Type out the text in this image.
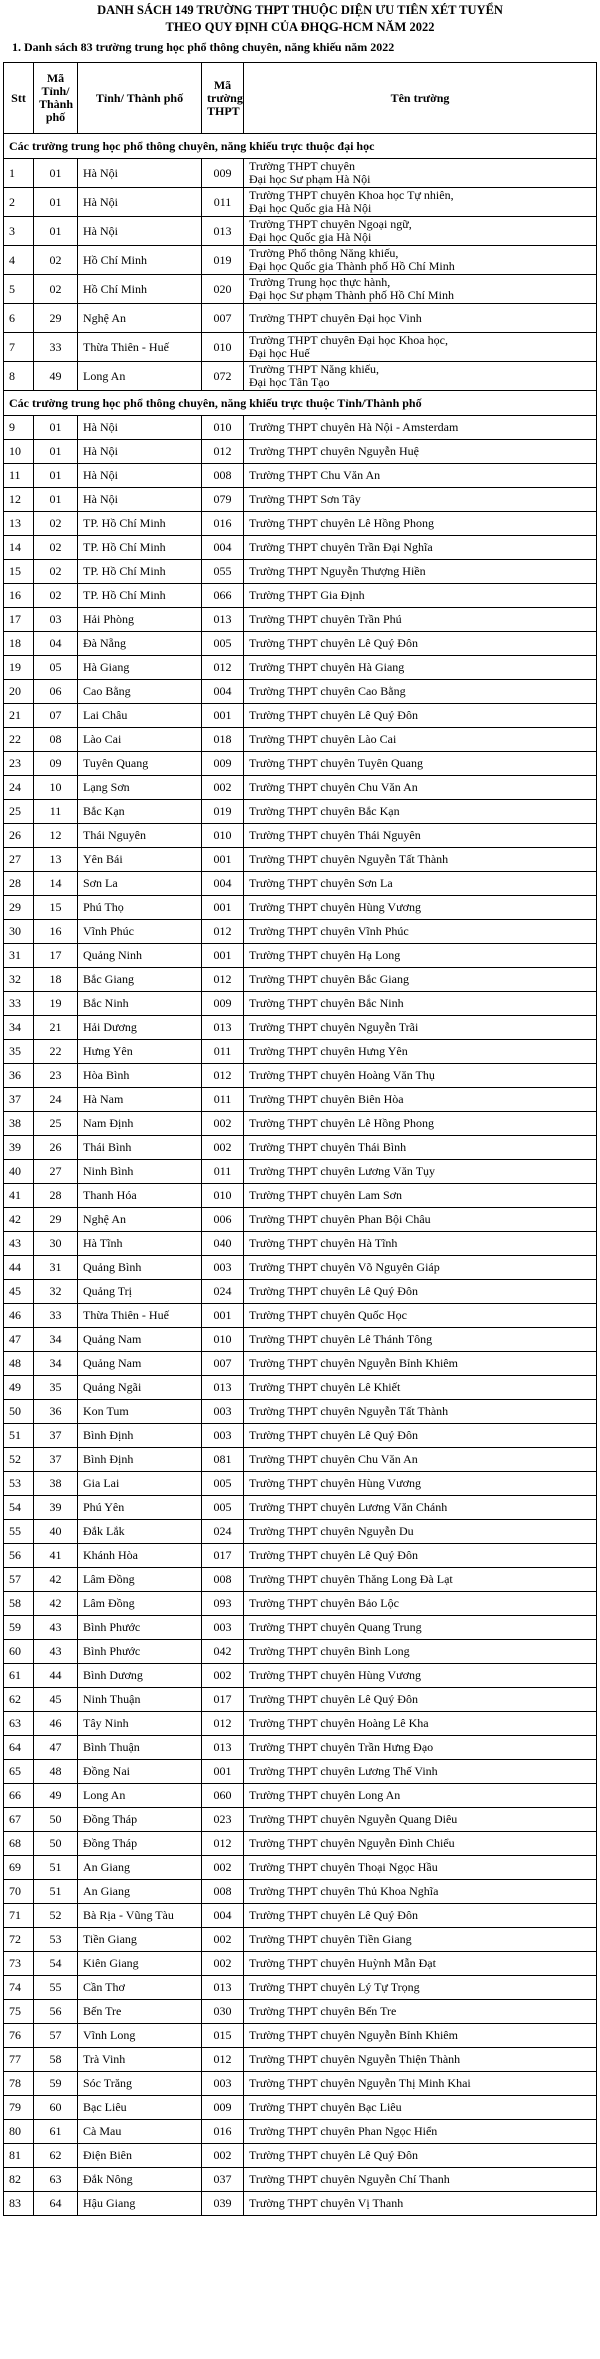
DANH SÁCH 149 TRƯỜNG THPT THUỘC DIỆN ƯU TIÊN XÉT TUYỂN
THEO QUY ĐỊNH CỦA ĐHQG-HCM NĂM 2022
1. Danh sách 83 trường trung học phổ thông chuyên, năng khiếu năm 2022
Stt	Mã Tỉnh/ Thành phố	Tỉnh/ Thành phố	Mã trường THPT	Tên trường
Các trường trung học phổ thông chuyên, năng khiếu trực thuộc đại học				
1	01	Hà Nội	009	Trường THPT chuyên
Đại học Sư phạm Hà Nội

2	01	Hà Nội	011	Trường THPT chuyên Khoa học Tự nhiên,
Đại học Quốc gia Hà Nội

3	01	Hà Nội	013	Trường THPT chuyên Ngoại ngữ,
Đại học Quốc gia Hà Nội

4	02	Hồ Chí Minh	019	Trường Phổ thông Năng khiếu,
Đại học Quốc gia Thành phố Hồ Chí Minh

5	02	Hồ Chí Minh	020	Trường Trung học thực hành,
Đại học Sư phạm Thành phố Hồ Chí Minh

6	29	Nghệ An	007	Trường THPT chuyên Đại học Vinh

7	33	Thừa Thiên - Huế	010	Trường THPT chuyên Đại học Khoa học,
Đại học Huế

8	49	Long An	072	Trường THPT Năng khiếu,
Đại học Tân Tạo

Các trường trung học phổ thông chuyên, năng khiếu trực thuộc Tỉnh/Thành phố				
9	01	Hà Nội	010	Trường THPT chuyên Hà Nội - Amsterdam
10	01	Hà Nội	012	Trường THPT chuyên Nguyễn Huệ
11	01	Hà Nội	008	Trường THPT Chu Văn An
12	01	Hà Nội	079	Trường THPT Sơn Tây
13	02	TP. Hồ Chí Minh	016	Trường THPT chuyên Lê Hồng Phong
14	02	TP. Hồ Chí Minh	004	Trường THPT chuyên Trần Đại Nghĩa
15	02	TP. Hồ Chí Minh	055	Trường THPT Nguyễn Thượng Hiền
16	02	TP. Hồ Chí Minh	066	Trường THPT Gia Định
17	03	Hải Phòng	013	Trường THPT chuyên Trần Phú
18	04	Đà Nẵng	005	Trường THPT chuyên Lê Quý Đôn
19	05	Hà Giang	012	Trường THPT chuyên Hà Giang
20	06	Cao Bằng	004	Trường THPT chuyên Cao Bằng
21	07	Lai Châu	001	Trường THPT chuyên Lê Quý Đôn
22	08	Lào Cai	018	Trường THPT chuyên Lào Cai
23	09	Tuyên Quang	009	Trường THPT chuyên Tuyên Quang
24	10	Lạng Sơn	002	Trường THPT chuyên Chu Văn An
25	11	Bắc Kạn	019	Trường THPT chuyên Bắc Kạn
26	12	Thái Nguyên	010	Trường THPT chuyên Thái Nguyên
27	13	Yên Bái	001	Trường THPT chuyên Nguyễn Tất Thành
28	14	Sơn La	004	Trường THPT chuyên Sơn La
29	15	Phú Thọ	001	Trường THPT chuyên Hùng Vương
30	16	Vĩnh Phúc	012	Trường THPT chuyên Vĩnh Phúc
31	17	Quảng Ninh	001	Trường THPT chuyên Hạ Long
32	18	Bắc Giang	012	Trường THPT chuyên Bắc Giang
33	19	Bắc Ninh	009	Trường THPT chuyên Bắc Ninh
34	21	Hải Dương	013	Trường THPT chuyên Nguyễn Trãi
35	22	Hưng Yên	011	Trường THPT chuyên Hưng Yên
36	23	Hòa Bình	012	Trường THPT chuyên Hoàng Văn Thụ
37	24	Hà Nam	011	Trường THPT chuyên Biên Hòa
38	25	Nam Định	002	Trường THPT chuyên Lê Hồng Phong
39	26	Thái Bình	002	Trường THPT chuyên Thái Bình
40	27	Ninh Bình	011	Trường THPT chuyên Lương Văn Tụy
41	28	Thanh Hóa	010	Trường THPT chuyên Lam Sơn
42	29	Nghệ An	006	Trường THPT chuyên Phan Bội Châu
43	30	Hà Tĩnh	040	Trường THPT chuyên Hà Tĩnh
44	31	Quảng Bình	003	Trường THPT chuyên Võ Nguyên Giáp
45	32	Quảng Trị	024	Trường THPT chuyên Lê Quý Đôn
46	33	Thừa Thiên - Huế	001	Trường THPT chuyên Quốc Học
47	34	Quảng Nam	010	Trường THPT chuyên Lê Thánh Tông
48	34	Quảng Nam	007	Trường THPT chuyên Nguyễn Bỉnh Khiêm
49	35	Quảng Ngãi	013	Trường THPT chuyên Lê Khiết
50	36	Kon Tum	003	Trường THPT chuyên Nguyễn Tất Thành
51	37	Bình Định	003	Trường THPT chuyên Lê Quý Đôn
52	37	Bình Định	081	Trường THPT chuyên Chu Văn An
53	38	Gia Lai	005	Trường THPT chuyên Hùng Vương
54	39	Phú Yên	005	Trường THPT chuyên Lương Văn Chánh
55	40	Đắk Lắk	024	Trường THPT chuyên Nguyễn Du
56	41	Khánh Hòa	017	Trường THPT chuyên Lê Quý Đôn
57	42	Lâm Đồng	008	Trường THPT chuyên Thăng Long Đà Lạt
58	42	Lâm Đồng	093	Trường THPT chuyên Bảo Lộc
59	43	Bình Phước	003	Trường THPT chuyên Quang Trung
60	43	Bình Phước	042	Trường THPT chuyên Bình Long
61	44	Bình Dương	002	Trường THPT chuyên Hùng Vương
62	45	Ninh Thuận	017	Trường THPT chuyên Lê Quý Đôn
63	46	Tây Ninh	012	Trường THPT chuyên Hoàng Lê Kha
64	47	Bình Thuận	013	Trường THPT chuyên Trần Hưng Đạo
65	48	Đồng Nai	001	Trường THPT chuyên Lương Thế Vinh
66	49	Long An	060	Trường THPT chuyên Long An
67	50	Đồng Tháp	023	Trường THPT chuyên Nguyễn Quang Diêu
68	50	Đồng Tháp	012	Trường THPT chuyên Nguyễn Đình Chiểu
69	51	An Giang	002	Trường THPT chuyên Thoại Ngọc Hầu
70	51	An Giang	008	Trường THPT chuyên Thủ Khoa Nghĩa
71	52	Bà Rịa - Vũng Tàu	004	Trường THPT chuyên Lê Quý Đôn
72	53	Tiền Giang	002	Trường THPT chuyên Tiền Giang
73	54	Kiên Giang	002	Trường THPT chuyên Huỳnh Mẫn Đạt
74	55	Cần Thơ	013	Trường THPT chuyên Lý Tự Trọng
75	56	Bến Tre	030	Trường THPT chuyên Bến Tre
76	57	Vĩnh Long	015	Trường THPT chuyên Nguyễn Bỉnh Khiêm
77	58	Trà Vinh	012	Trường THPT chuyên Nguyễn Thiện Thành
78	59	Sóc Trăng	003	Trường THPT chuyên Nguyễn Thị Minh Khai
79	60	Bạc Liêu	009	Trường THPT chuyên Bạc Liêu
80	61	Cà Mau	016	Trường THPT chuyên Phan Ngọc Hiển
81	62	Điện Biên	002	Trường THPT chuyên Lê Quý Đôn
82	63	Đắk Nông	037	Trường THPT chuyên Nguyễn Chí Thanh
83	64	Hậu Giang	039	Trường THPT chuyên Vị Thanh
